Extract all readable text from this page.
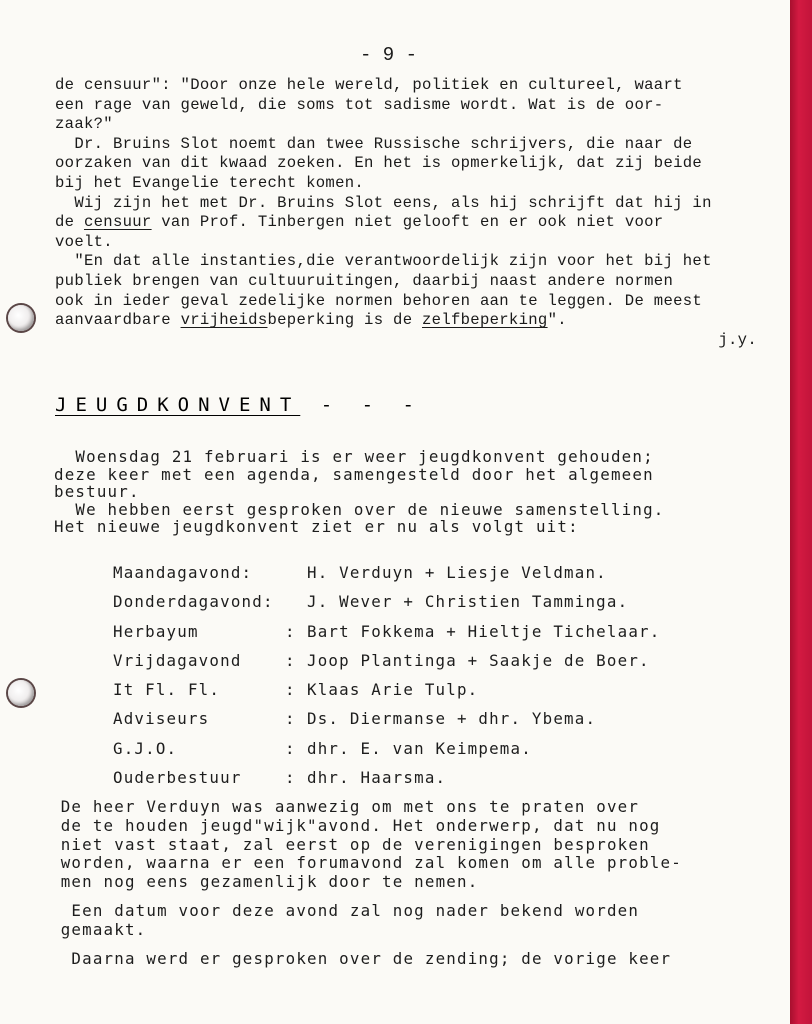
- 9 -
de censuur": "Door onze hele wereld, politiek en cultureel, waart
een rage van geweld, die soms tot sadisme wordt. Wat is de oor-
zaak?"
Dr. Bruins Slot noemt dan twee Russische schrijvers, die naar de
oorzaken van dit kwaad zoeken. En het is opmerkelijk, dat zij beide
bij het Evangelie terecht komen.
Wij zijn het met Dr. Bruins Slot eens, als hij schrijft dat hij in
de censuur van Prof. Tinbergen niet gelooft en er ook niet voor
voelt.
"En dat alle instanties,die verantwoordelijk zijn voor het bij het
publiek brengen van cultuuruitingen, daarbij naast andere normen
ook in ieder geval zedelijke normen behoren aan te leggen. De meest
aanvaardbare vrijheidsbeperking is de zelfbeperking".
j.y.
JEUGDKONVENT - - -
Woensdag 21 februari is er weer jeugdkonvent gehouden;
deze keer met een agenda, samengesteld door het algemeen
bestuur.
We hebben eerst gesproken over de nieuwe samenstelling.
Het nieuwe jeugdkonvent ziet er nu als volgt uit:
Maandagavond:	H. Verduyn + Liesje Veldman.
Donderdagavond:	J. Wever + Christien Tamminga.
Herbayum	: Bart Fokkema + Hieltje Tichelaar.
Vrijdagavond	: Joop Plantinga + Saakje de Boer.
It Fl. Fl.	: Klaas Arie Tulp.
Adviseurs	: Ds. Diermanse + dhr. Ybema.
G.J.O.	: dhr. E. van Keimpema.
Ouderbestuur	: dhr. Haarsma.
De heer Verduyn was aanwezig om met ons te praten over
de te houden jeugd"wijk"avond. Het onderwerp, dat nu nog
niet vast staat, zal eerst op de verenigingen besproken
worden, waarna er een forumavond zal komen om alle proble-
men nog eens gezamenlijk door te nemen.
Een datum voor deze avond zal nog nader bekend worden
gemaakt.
Daarna werd er gesproken over de zending; de vorige keer
